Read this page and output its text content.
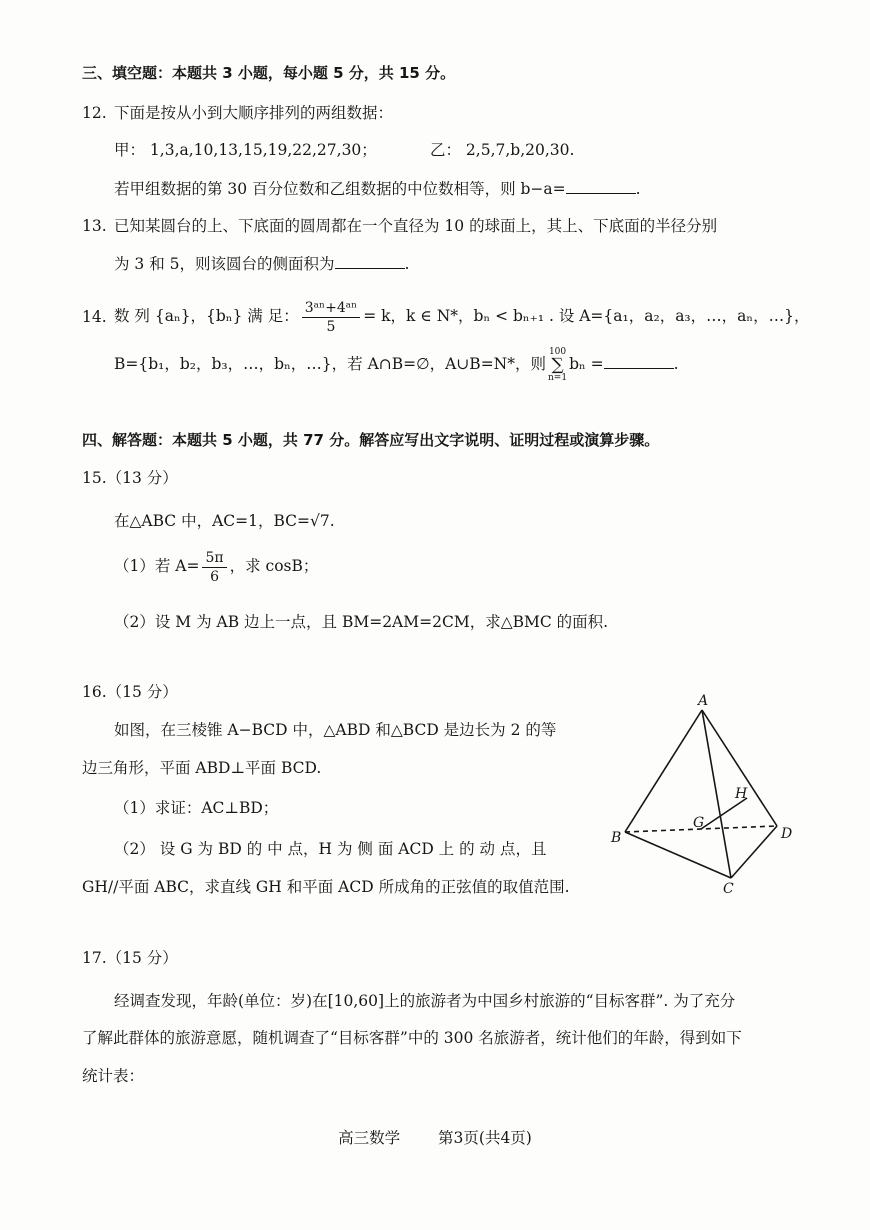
三、填空题：本题共 3 小题，每小题 5 分，共 15 分。
12. 下面是按从小到大顺序排列的两组数据：
甲： 1,3,a,10,13,15,19,22,27,30；	乙： 2,5,7,b,20,30.
若甲组数据的第 30 百分位数和乙组数据的中位数相等，则 b−a=	.
13. 已知某圆台的上、下底面的圆周都在一个直径为 10 的球面上，其上、下底面的半径分别
为 3 和 5，则该圆台的侧面积为	.
14. 数 列 {aₙ}，{bₙ} 满 足： $\frac{\text{3ᵃⁿ+4ᵃⁿ}}{5} = k$，k ∈ N*，bₙ < bₙ₊₁ . 设 A={a₁，a₂，a₃，…，aₙ，…}，
B={b₁，b₂，b₃，…，bₙ，…}，若 A∩B=∅，A∪B=N*，则
100
∑
n=1
bₙ =	.
四、解答题：本题共 5 小题，共 77 分。解答应写出文字说明、证明过程或演算步骤。
15.（13 分）
在△ABC 中，AC=1，BC=√7.
（1）若 $A= \frac{5\pi}{6}$ ，求 cosB；
（2）设 M 为 AB 边上一点，且 BM=2AM=2CM，求△BMC 的面积.
16.（15 分）
如图，在三棱锥 A−BCD 中，△ABD 和△BCD 是边长为 2 的等
边三角形，平面 ABD⊥平面 BCD.
（1）求证：AC⊥BD；
（2） 设 G 为 BD 的 中 点，H 为 侧 面 ACD 上 的 动 点，且
GH//平面 ABC，求直线 GH 和平面 ACD 所成角的正弦值的取值范围.
A
B
C
D
G
H
17.（15 分）
经调查发现，年龄(单位：岁)在[10,60]上的旅游者为中国乡村旅游的“目标客群”. 为了充分
了解此群体的旅游意愿，随机调查了“目标客群”中的 300 名旅游者，统计他们的年龄，得到如下
统计表：
高三数学 第3页(共4页)
